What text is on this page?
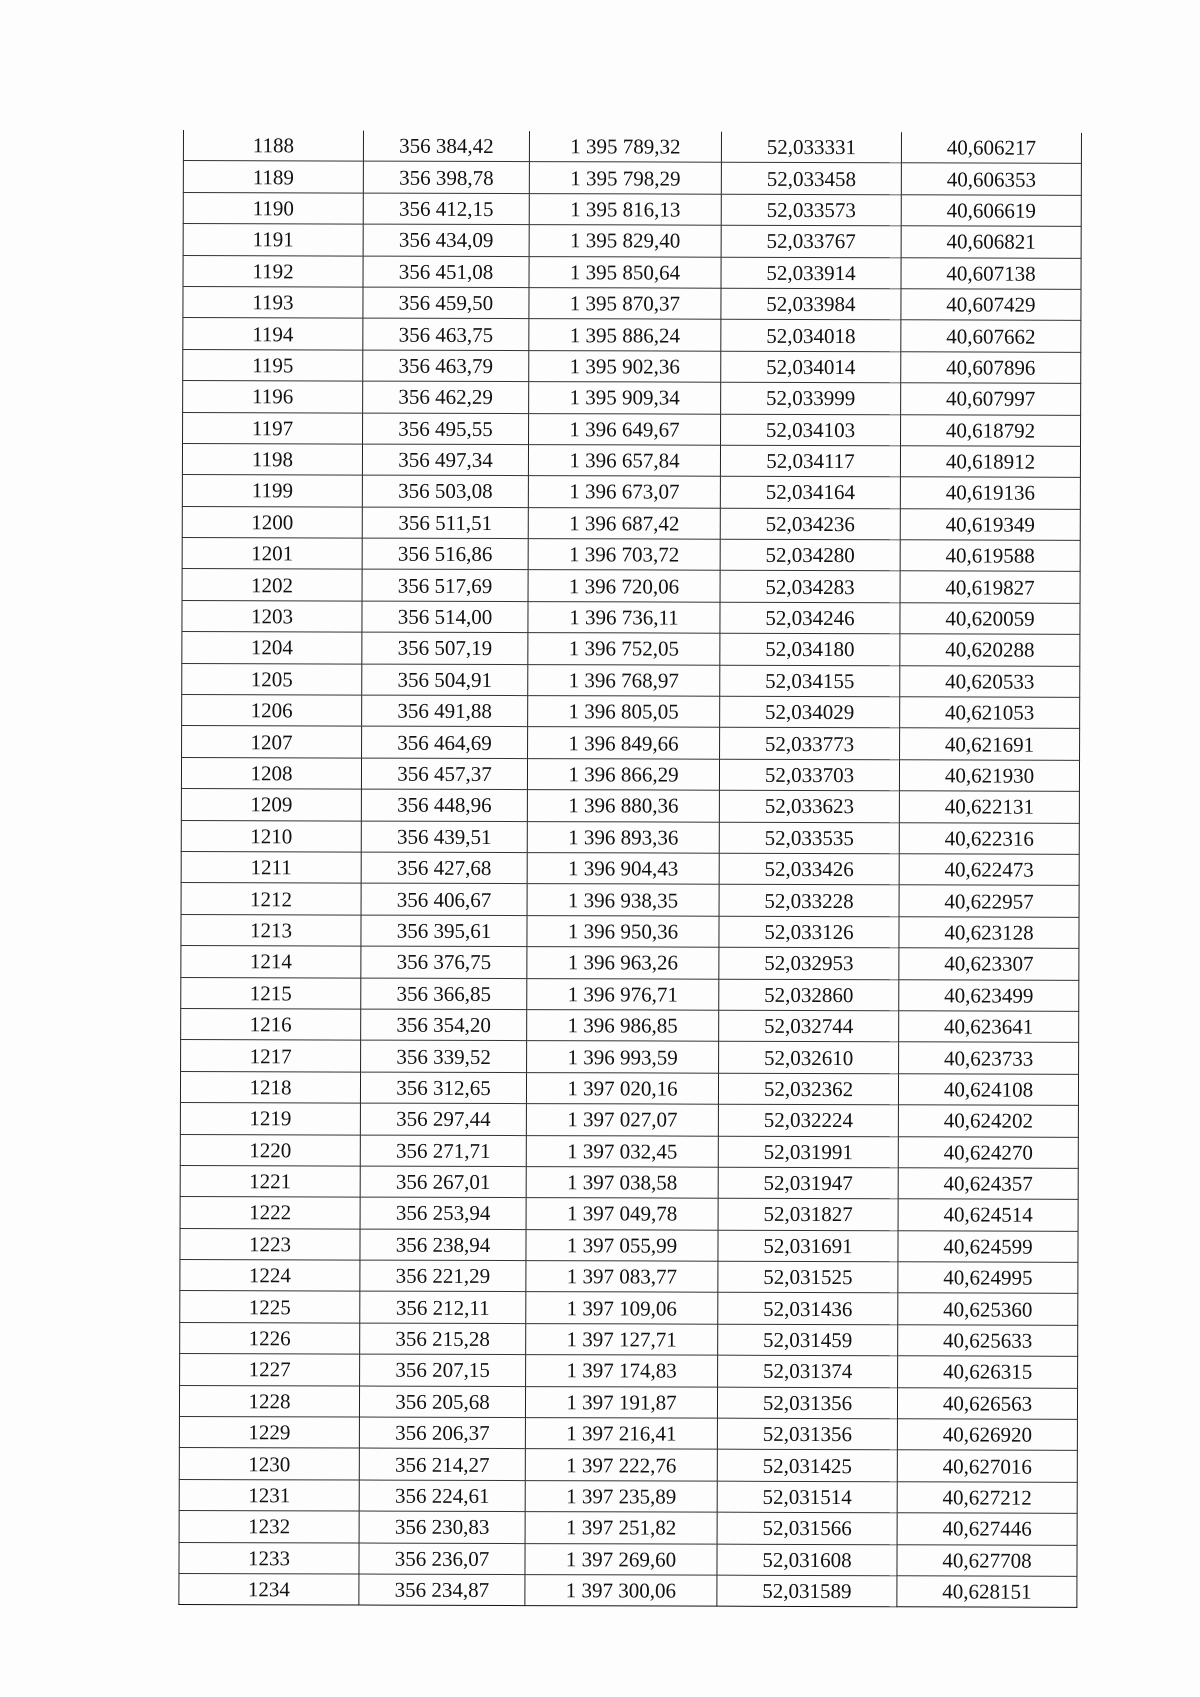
1188	356 384,42	1 395 789,32	52,033331	40,606217
1189	356 398,78	1 395 798,29	52,033458	40,606353
1190	356 412,15	1 395 816,13	52,033573	40,606619
1191	356 434,09	1 395 829,40	52,033767	40,606821
1192	356 451,08	1 395 850,64	52,033914	40,607138
1193	356 459,50	1 395 870,37	52,033984	40,607429
1194	356 463,75	1 395 886,24	52,034018	40,607662
1195	356 463,79	1 395 902,36	52,034014	40,607896
1196	356 462,29	1 395 909,34	52,033999	40,607997
1197	356 495,55	1 396 649,67	52,034103	40,618792
1198	356 497,34	1 396 657,84	52,034117	40,618912
1199	356 503,08	1 396 673,07	52,034164	40,619136
1200	356 511,51	1 396 687,42	52,034236	40,619349
1201	356 516,86	1 396 703,72	52,034280	40,619588
1202	356 517,69	1 396 720,06	52,034283	40,619827
1203	356 514,00	1 396 736,11	52,034246	40,620059
1204	356 507,19	1 396 752,05	52,034180	40,620288
1205	356 504,91	1 396 768,97	52,034155	40,620533
1206	356 491,88	1 396 805,05	52,034029	40,621053
1207	356 464,69	1 396 849,66	52,033773	40,621691
1208	356 457,37	1 396 866,29	52,033703	40,621930
1209	356 448,96	1 396 880,36	52,033623	40,622131
1210	356 439,51	1 396 893,36	52,033535	40,622316
1211	356 427,68	1 396 904,43	52,033426	40,622473
1212	356 406,67	1 396 938,35	52,033228	40,622957
1213	356 395,61	1 396 950,36	52,033126	40,623128
1214	356 376,75	1 396 963,26	52,032953	40,623307
1215	356 366,85	1 396 976,71	52,032860	40,623499
1216	356 354,20	1 396 986,85	52,032744	40,623641
1217	356 339,52	1 396 993,59	52,032610	40,623733
1218	356 312,65	1 397 020,16	52,032362	40,624108
1219	356 297,44	1 397 027,07	52,032224	40,624202
1220	356 271,71	1 397 032,45	52,031991	40,624270
1221	356 267,01	1 397 038,58	52,031947	40,624357
1222	356 253,94	1 397 049,78	52,031827	40,624514
1223	356 238,94	1 397 055,99	52,031691	40,624599
1224	356 221,29	1 397 083,77	52,031525	40,624995
1225	356 212,11	1 397 109,06	52,031436	40,625360
1226	356 215,28	1 397 127,71	52,031459	40,625633
1227	356 207,15	1 397 174,83	52,031374	40,626315
1228	356 205,68	1 397 191,87	52,031356	40,626563
1229	356 206,37	1 397 216,41	52,031356	40,626920
1230	356 214,27	1 397 222,76	52,031425	40,627016
1231	356 224,61	1 397 235,89	52,031514	40,627212
1232	356 230,83	1 397 251,82	52,031566	40,627446
1233	356 236,07	1 397 269,60	52,031608	40,627708
1234	356 234,87	1 397 300,06	52,031589	40,628151
